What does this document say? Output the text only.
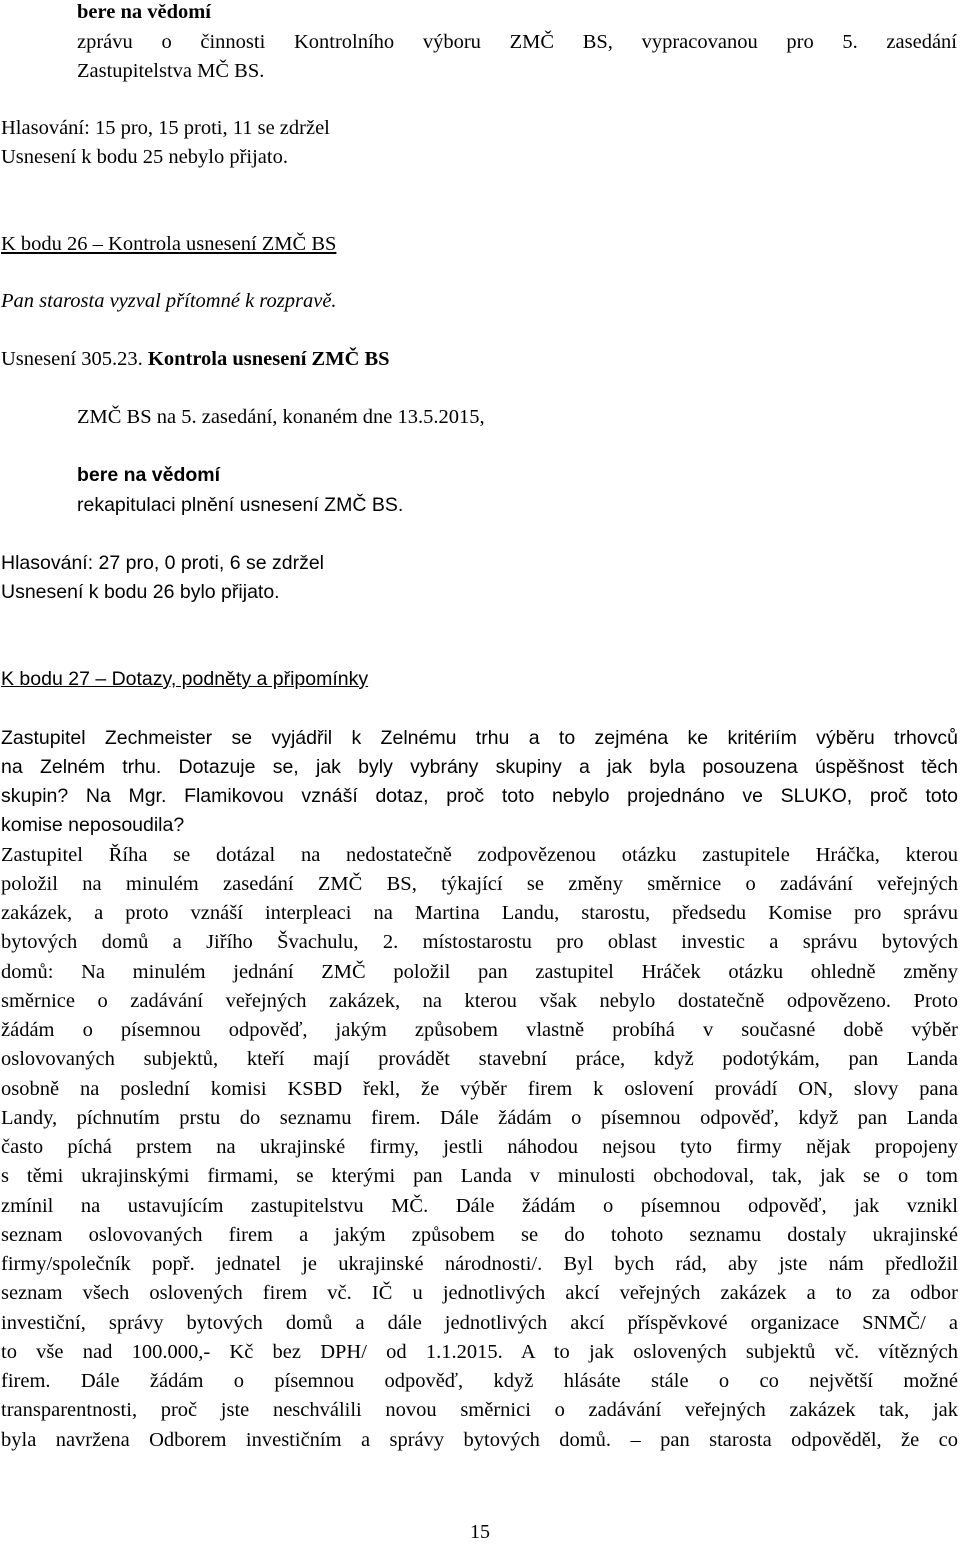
bere na vědomí
zprávu o činnosti Kontrolního výboru ZMČ BS, vypracovanou pro 5. zasedání
Zastupitelstva MČ BS.
Hlasování: 15 pro, 15 proti, 11 se zdržel
Usnesení k bodu 25 nebylo přijato.
K bodu 26 – Kontrola usnesení ZMČ BS
Pan starosta vyzval přítomné k rozpravě.
Usnesení 305.23. Kontrola usnesení ZMČ BS
ZMČ BS na 5. zasedání, konaném dne 13.5.2015,
bere na vědomí
rekapitulaci plnění usnesení ZMČ BS.
Hlasování: 27 pro, 0 proti, 6 se zdržel
Usnesení k bodu 26 bylo přijato.
K bodu 27 – Dotazy, podněty a připomínky
Zastupitel Zechmeister se vyjádřil k Zelnému trhu a to zejména ke kritériím výběru trhovců
na Zelném trhu. Dotazuje se, jak byly vybrány skupiny a jak byla posouzena úspěšnost těch
skupin? Na Mgr. Flamikovou vznáší dotaz, proč toto nebylo projednáno ve SLUKO, proč toto
komise neposoudila?
Zastupitel Říha se dotázal na nedostatečně zodpovězenou otázku zastupitele Hráčka, kterou
položil na minulém zasedání ZMČ BS, týkající se změny směrnice o zadávání veřejných
zakázek, a proto vznáší interpleaci na Martina Landu, starostu, předsedu Komise pro správu
bytových domů a Jiřího Švachulu, 2. místostarostu pro oblast investic a správu bytových
domů: Na minulém jednání ZMČ položil pan zastupitel Hráček otázku ohledně změny
směrnice o zadávání veřejných zakázek, na kterou však nebylo dostatečně odpovězeno. Proto
žádám o písemnou odpověď, jakým způsobem vlastně probíhá v současné době výběr
oslovovaných subjektů, kteří mají provádět stavební práce, když podotýkám, pan Landa
osobně na poslední komisi KSBD řekl, že výběr firem k oslovení provádí ON, slovy pana
Landy, píchnutím prstu do seznamu firem. Dále žádám o písemnou odpověď, když pan Landa
často píchá prstem na ukrajinské firmy, jestli náhodou nejsou tyto firmy nějak propojeny
s těmi ukrajinskými firmami, se kterými pan Landa v minulosti obchodoval, tak, jak se o tom
zmínil na ustavujícím zastupitelstvu MČ. Dále žádám o písemnou odpověď, jak vznikl
seznam oslovovaných firem a jakým způsobem se do tohoto seznamu dostaly ukrajinské
firmy/společník popř. jednatel je ukrajinské národnosti/. Byl bych rád, aby jste nám předložil
seznam všech oslovených firem vč. IČ u jednotlivých akcí veřejných zakázek a to za odbor
investiční, správy bytových domů a dále jednotlivých akcí příspěvkové organizace SNMČ/ a
to vše nad 100.000,- Kč bez DPH/ od 1.1.2015. A to jak oslovených subjektů vč. vítězných
firem. Dále žádám o písemnou odpověď, když hlásáte stále o co největší možné
transparentnosti, proč jste neschválili novou směrnici o zadávání veřejných zakázek tak, jak
byla navržena Odborem investičním a správy bytových domů. – pan starosta odpověděl, že co
15
